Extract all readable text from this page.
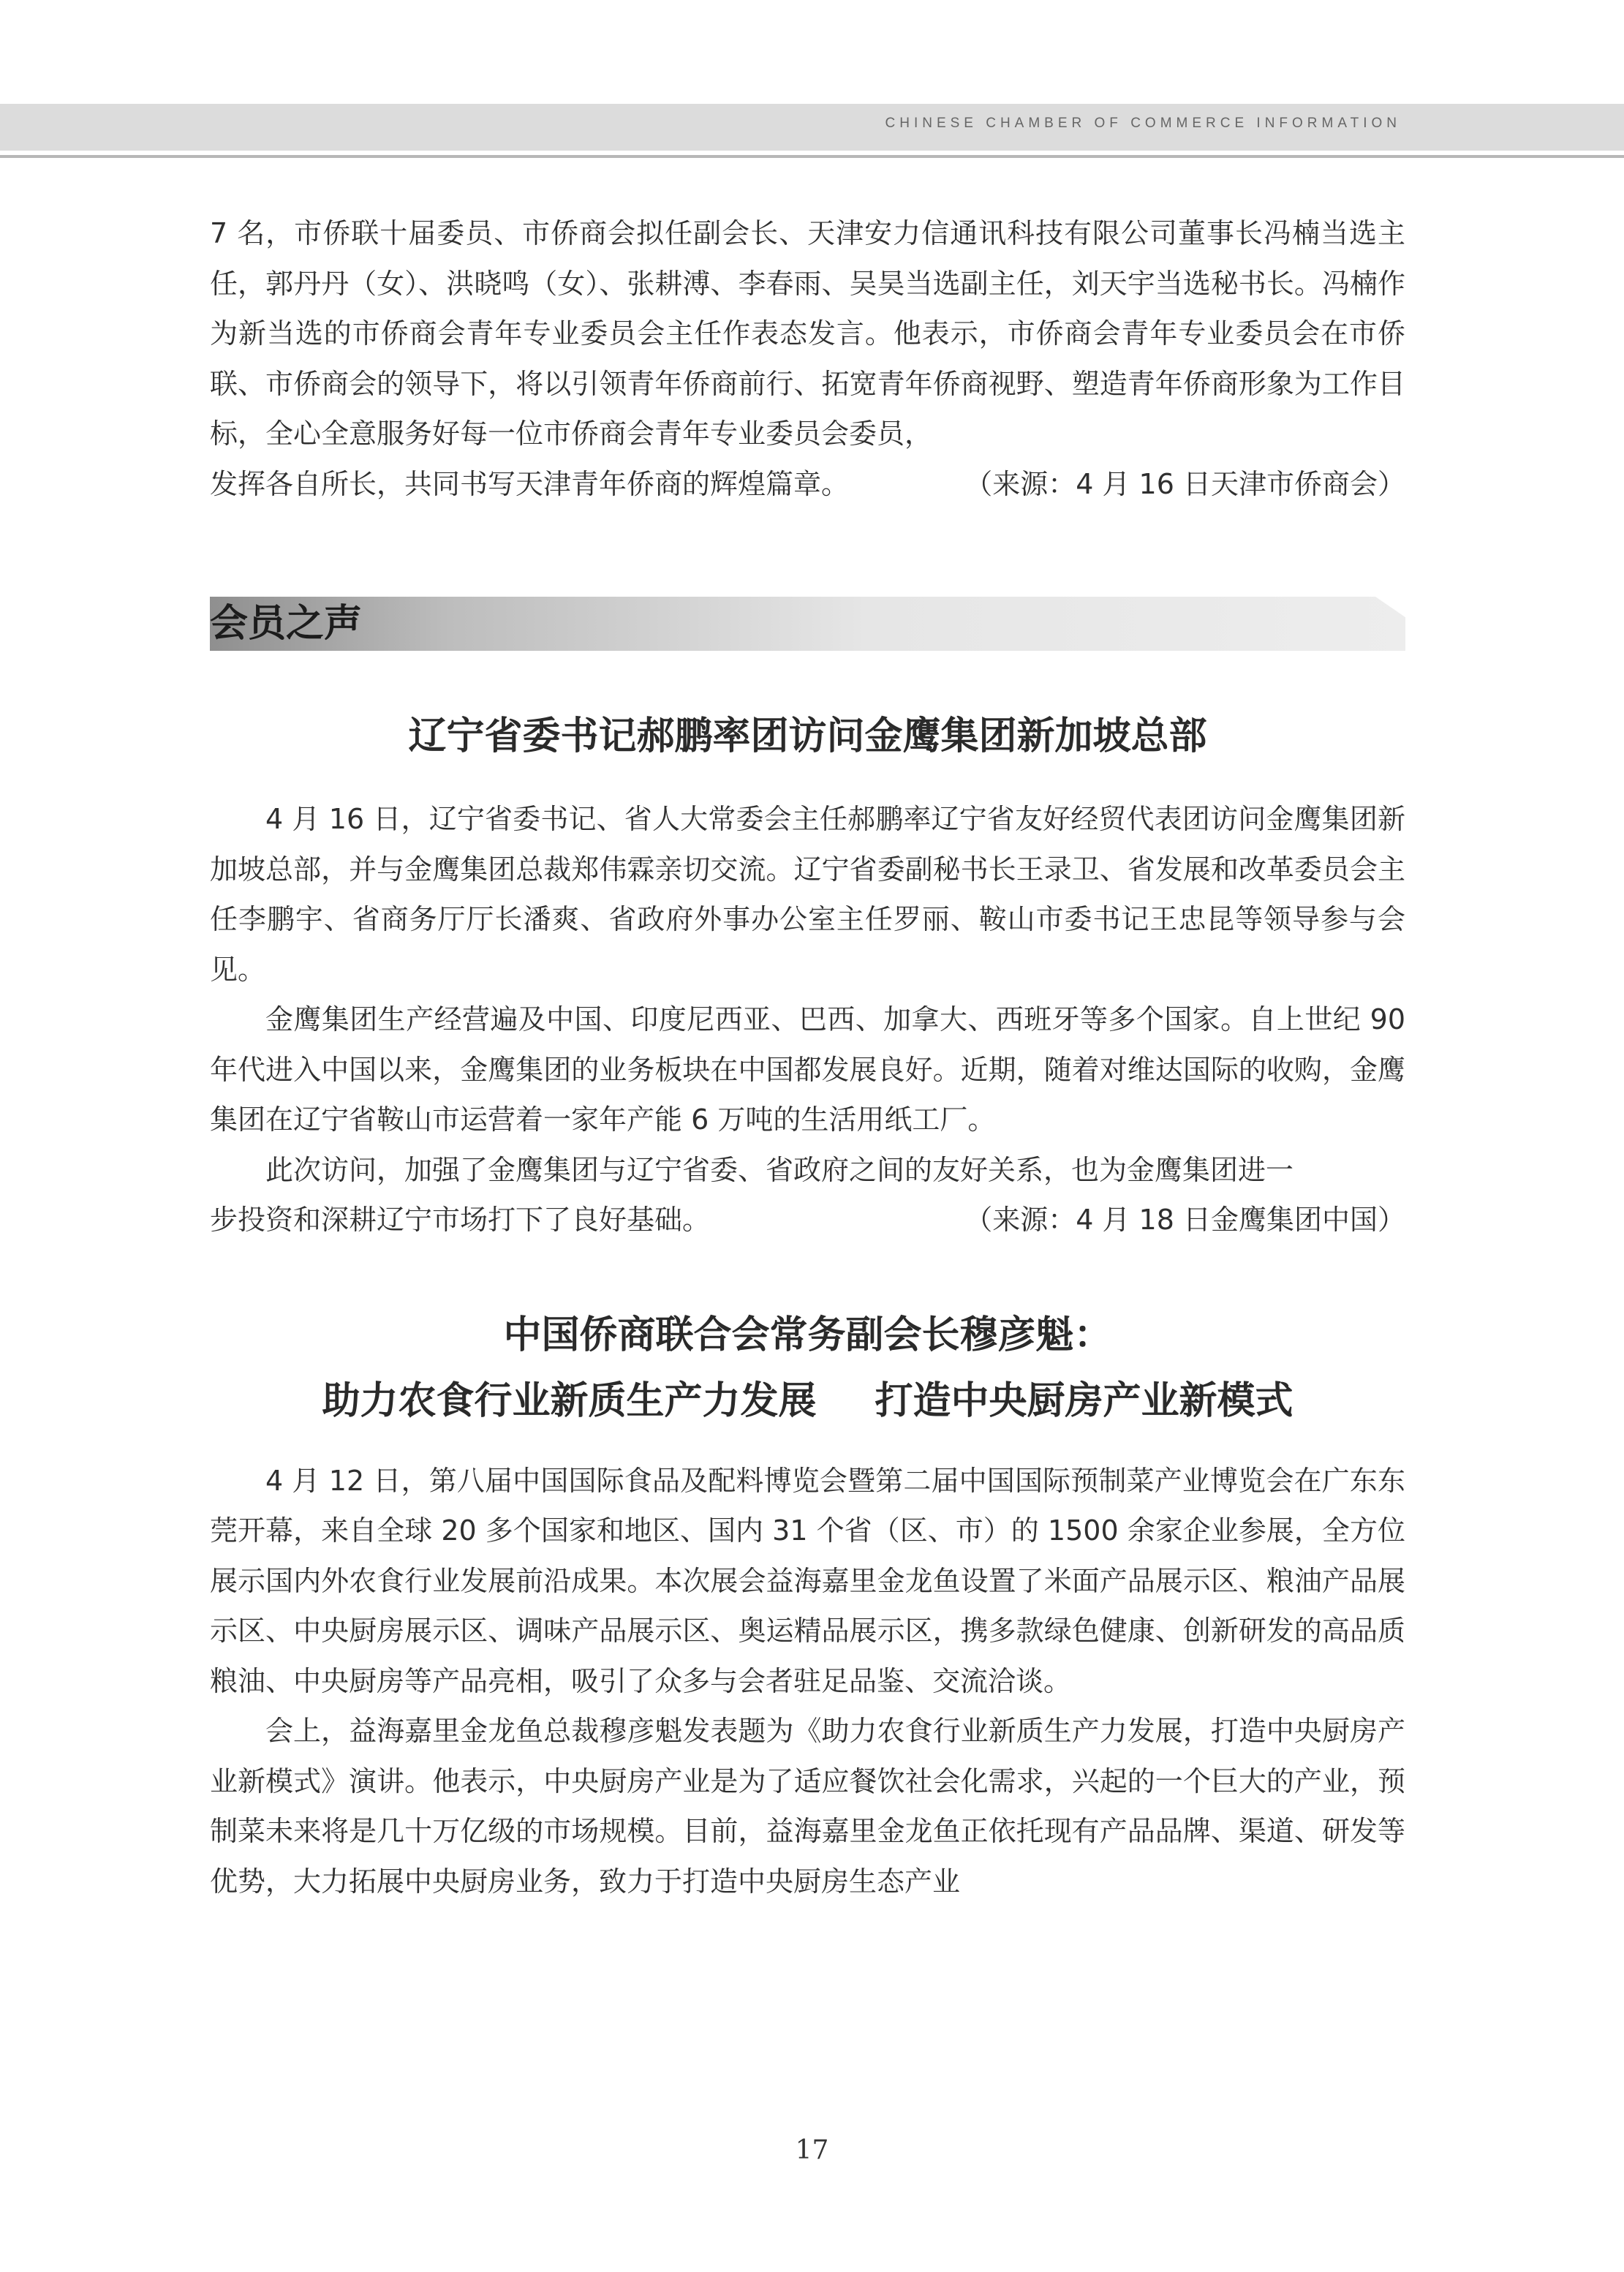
CHINESE CHAMBER OF COMMERCE INFORMATION

7 名，市侨联十届委员、市侨商会拟任副会长、天津安力信通讯科技有限公司董事长冯楠当选主任，郭丹丹（女）、洪晓鸣（女）、张耕溥、李春雨、吴昊当选副主任，刘天宇当选秘书长。冯楠作为新当选的市侨商会青年专业委员会主任作表态发言。他表示，市侨商会青年专业委员会在市侨联、市侨商会的领导下，将以引领青年侨商前行、拓宽青年侨商视野、塑造青年侨商形象为工作目标，全心全意服务好每一位市侨商会青年专业委员会委员，

发挥各自所长，共同书写天津青年侨商的辉煌篇章。	（来源：4 月 16 日天津市侨商会）
会员之声
辽宁省委书记郝鹏率团访问金鹰集团新加坡总部

4 月 16 日，辽宁省委书记、省人大常委会主任郝鹏率辽宁省友好经贸代表团访问金鹰集团新加坡总部，并与金鹰集团总裁郑伟霖亲切交流。辽宁省委副秘书长王录卫、省发展和改革委员会主任李鹏宇、省商务厅厅长潘爽、省政府外事办公室主任罗丽、鞍山市委书记王忠昆等领导参与会见。

金鹰集团生产经营遍及中国、印度尼西亚、巴西、加拿大、西班牙等多个国家。自上世纪 90 年代进入中国以来，金鹰集团的业务板块在中国都发展良好。近期，随着对维达国际的收购，金鹰集团在辽宁省鞍山市运营着一家年产能 6 万吨的生活用纸工厂。

此次访问，加强了金鹰集团与辽宁省委、省政府之间的友好关系，也为金鹰集团进一

步投资和深耕辽宁市场打下了良好基础。	（来源：4 月 18 日金鹰集团中国）
中国侨商联合会常务副会长穆彦魁：
助力农食行业新质生产力发展 打造中央厨房产业新模式

4 月 12 日，第八届中国国际食品及配料博览会暨第二届中国国际预制菜产业博览会在广东东莞开幕，来自全球 20 多个国家和地区、国内 31 个省（区、市）的 1500 余家企业参展，全方位展示国内外农食行业发展前沿成果。本次展会益海嘉里金龙鱼设置了米面产品展示区、粮油产品展示区、中央厨房展示区、调味产品展示区、奥运精品展示区，携多款绿色健康、创新研发的高品质粮油、中央厨房等产品亮相，吸引了众多与会者驻足品鉴、交流洽谈。

会上，益海嘉里金龙鱼总裁穆彦魁发表题为《助力农食行业新质生产力发展，打造中央厨房产业新模式》演讲。他表示，中央厨房产业是为了适应餐饮社会化需求，兴起的一个巨大的产业，预制菜未来将是几十万亿级的市场规模。目前，益海嘉里金龙鱼正依托现有产品品牌、渠道、研发等优势，大力拓展中央厨房业务，致力于打造中央厨房生态产业

17
